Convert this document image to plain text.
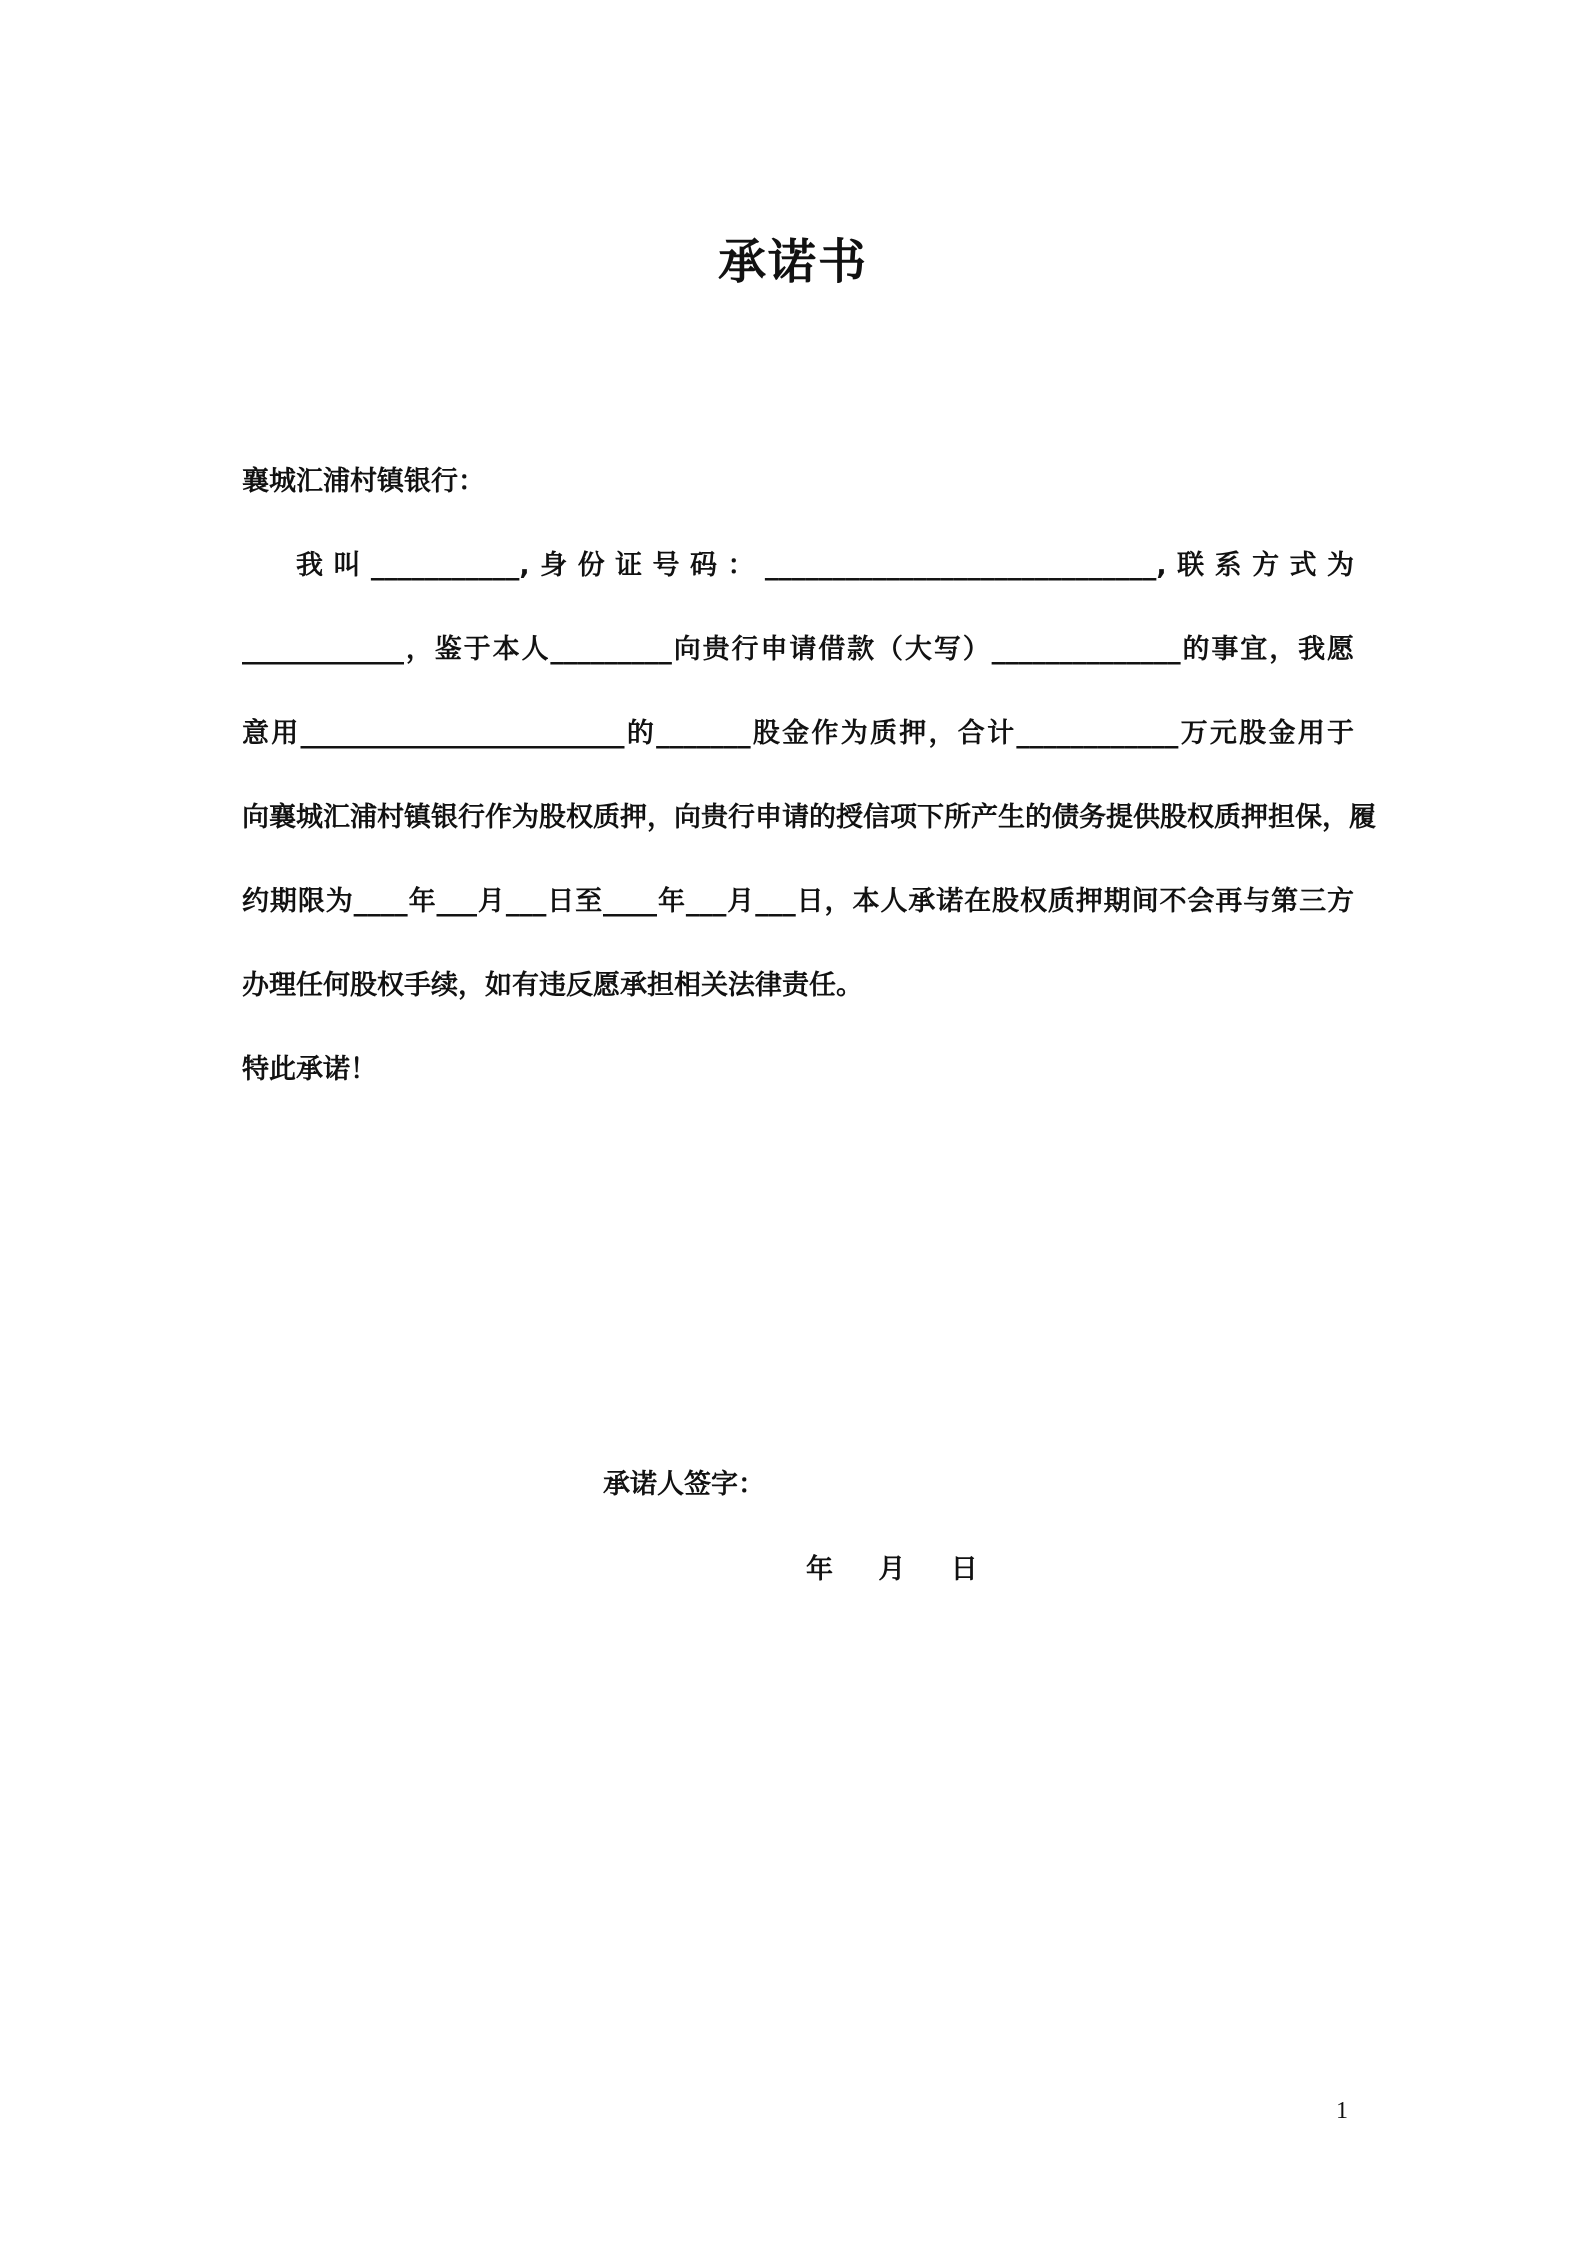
承诺书
襄城汇浦村镇银行：
我叫___________,身份证号码：_____________________________,联系方式为
____________，鉴于本人_________向贵行申请借款（大写）______________的事宜，我愿
意用________________________的_______股金作为质押，合计____________万元股金用于
向襄城汇浦村镇银行作为股权质押，向贵行申请的授信项下所产生的债务提供股权质押担保，履
约期限为____年___月___日至____年___月___日，本人承诺在股权质押期间不会再与第三方
办理任何股权手续，如有违反愿承担相关法律责任。
特此承诺！
承诺人签字：
年 月 日
1
